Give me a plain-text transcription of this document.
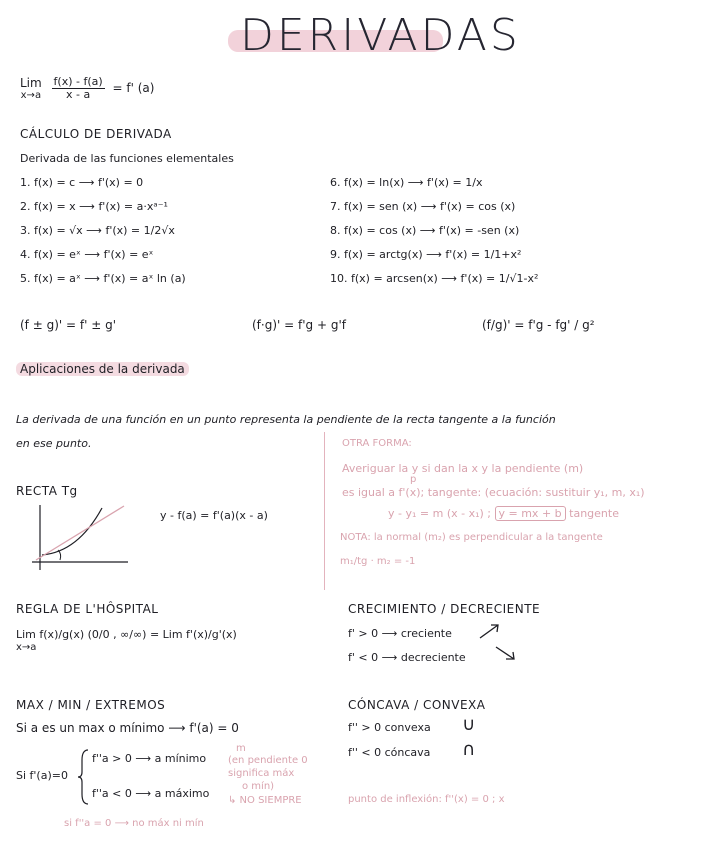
DERIVADAS
Lim
x→a
$\frac{f(x) - f(a)}{x - a} = f'$ (a)
CÁLCULO DE DERIVADA
Derivada de las funciones elementales
1. f(x) = c ⟶ f'(x) = 0
2. f(x) = x ⟶ f'(x) = a·xᵃ⁻¹
3. f(x) = √x ⟶ f'(x) = 1/2√x
4. f(x) = eˣ ⟶ f'(x) = eˣ
5. f(x) = aˣ ⟶ f'(x) = aˣ ln (a)
6. f(x) = ln(x) ⟶ f'(x) = 1/x
7. f(x) = sen (x) ⟶ f'(x) = cos (x)
8. f(x) = cos (x) ⟶ f'(x) = -sen (x)
9. f(x) = arctg(x) ⟶ f'(x) = 1/1+x²
10. f(x) = arcsen(x) ⟶ f'(x) = 1/√1-x²
(f ± g)' = f' ± g'	(f·g)' = f'g + g'f	(f/g)' = f'g - fg' / g²
Aplicaciones de la derivada
La derivada de una función en un punto representa la pendiente de la recta tangente a la función
en ese punto.
RECTA Tg
y - f(a) = f'(a)(x - a)
OTRA FORMA:
Averiguar la y si dan la x y la pendiente (m)
p
es igual a f'(x); tangente: (ecuación: sustituir y₁, m, x₁)
y - y₁ = m (x - x₁) ; y = mx + b tangente
NOTA: la normal (m₂) es perpendicular a la tangente
m₁/tg · m₂ = -1
REGLA DE L'HÔSPITAL
Lim f(x)/g(x) (0/0 , ∞/∞) = Lim f'(x)/g'(x)
x→a
CRECIMIENTO / DECRECIENTE
f' > 0 ⟶ creciente
f' < 0 ⟶ decreciente
MAX / MIN / EXTREMOS
Si a es un max o mínimo ⟶ f'(a) = 0
m
Si f'(a)=0
f''a > 0 ⟶ a mínimo
f''a < 0 ⟶ a máximo
(en pendiente 0
significa máx
o mín)
↳ NO SIEMPRE
si f''a = 0 ⟶ no máx ni mín
CÓNCAVA / CONVEXA
f'' > 0 convexa ∪
f'' < 0 cóncava ∩
punto de inflexión: f''(x) = 0 ; x
